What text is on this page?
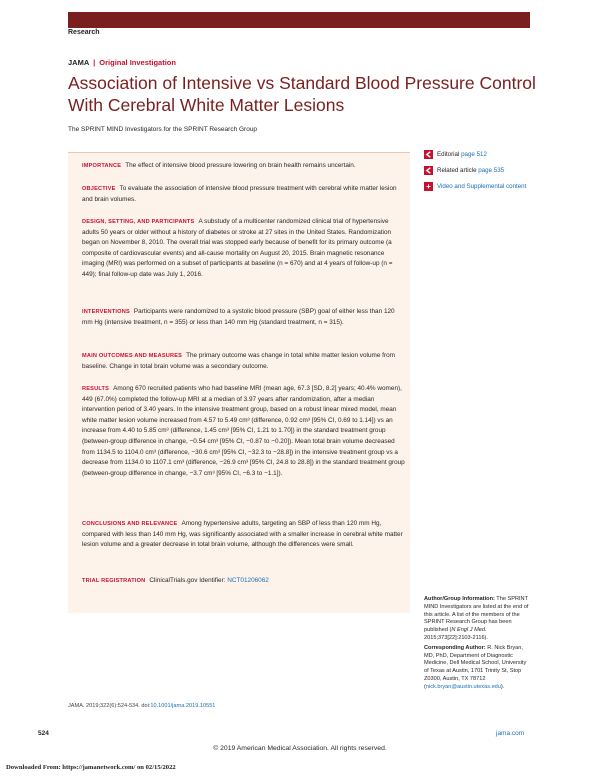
Research
JAMA | Original Investigation
Association of Intensive vs Standard Blood Pressure Control With Cerebral White Matter Lesions
The SPRINT MIND Investigators for the SPRINT Research Group
IMPORTANCE The effect of intensive blood pressure lowering on brain health remains uncertain.
OBJECTIVE To evaluate the association of intensive blood pressure treatment with cerebral white matter lesion and brain volumes.
DESIGN, SETTING, AND PARTICIPANTS A substudy of a multicenter randomized clinical trial of hypertensive adults 50 years or older without a history of diabetes or stroke at 27 sites in the United States. Randomization began on November 8, 2010. The overall trial was stopped early because of benefit for its primary outcome (a composite of cardiovascular events) and all-cause mortality on August 20, 2015. Brain magnetic resonance imaging (MRI) was performed on a subset of participants at baseline (n = 670) and at 4 years of follow-up (n = 449); final follow-up date was July 1, 2016.
INTERVENTIONS Participants were randomized to a systolic blood pressure (SBP) goal of either less than 120 mm Hg (intensive treatment, n = 355) or less than 140 mm Hg (standard treatment, n = 315).
MAIN OUTCOMES AND MEASURES The primary outcome was change in total white matter lesion volume from baseline. Change in total brain volume was a secondary outcome.
RESULTS Among 670 recruited patients who had baseline MRI (mean age, 67.3 [SD, 8.2] years; 40.4% women), 449 (67.0%) completed the follow-up MRI at a median of 3.97 years after randomization, after a median intervention period of 3.40 years. In the intensive treatment group, based on a robust linear mixed model, mean white matter lesion volume increased from 4.57 to 5.49 cm³ (difference, 0.92 cm³ [95% CI, 0.69 to 1.14]) vs an increase from 4.40 to 5.85 cm³ (difference, 1.45 cm³ [95% CI, 1.21 to 1.70]) in the standard treatment group (between-group difference in change, −0.54 cm³ [95% CI, −0.87 to −0.20]). Mean total brain volume decreased from 1134.5 to 1104.0 cm³ (difference, −30.6 cm³ [95% CI, −32.3 to −28.8]) in the intensive treatment group vs a decrease from 1134.0 to 1107.1 cm³ (difference, −26.9 cm³ [95% CI, 24.8 to 28.8]) in the standard treatment group (between-group difference in change, −3.7 cm³ [95% CI, −6.3 to −1.1]).
CONCLUSIONS AND RELEVANCE Among hypertensive adults, targeting an SBP of less than 120 mm Hg, compared with less than 140 mm Hg, was significantly associated with a smaller increase in cerebral white matter lesion volume and a greater decrease in total brain volume, although the differences were small.
TRIAL REGISTRATION ClinicalTrials.gov Identifier: NCT01206062
Editorial page 512
Related article page 535
+ Video and Supplemental content
Author/Group Information: The SPRINT MIND Investigators are listed at the end of this article. A list of the members of the SPRINT Research Group has been published (N Engl J Med. 2015;373[22]:2103-2116).
Corresponding Author: R. Nick Bryan, MD, PhD, Department of Diagnostic Medicine, Dell Medical School, University of Texas at Austin, 1701 Trinity St, Stop Z0300, Austin, TX 78712 (nick.bryan@austin.utexas.edu).
JAMA. 2019;322(6):524-534. doi:10.1001/jama.2019.10551
524	jama.com
© 2019 American Medical Association. All rights reserved.
Downloaded From: https://jamanetwork.com/ on 02/15/2022
